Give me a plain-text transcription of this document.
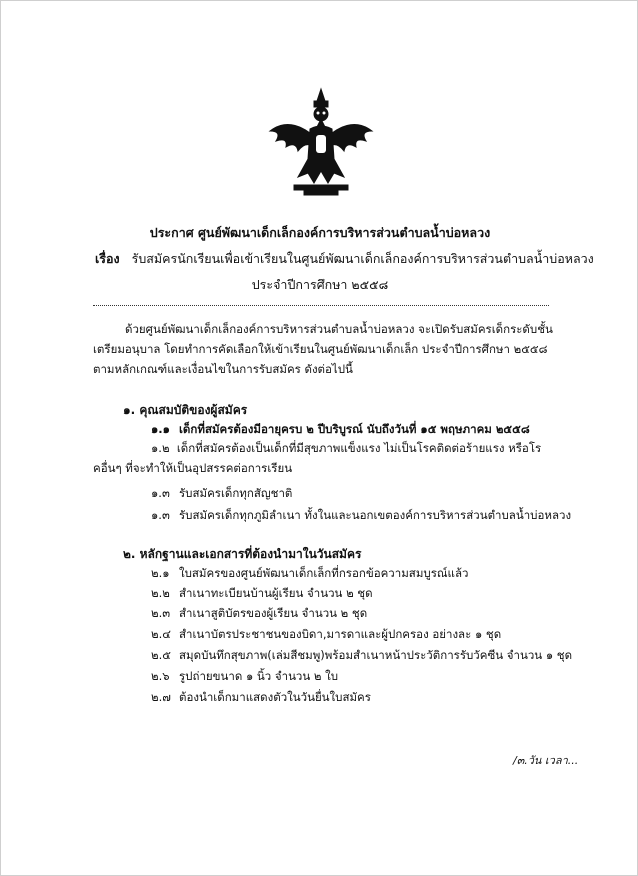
ประกาศ ศูนย์พัฒนาเด็กเล็กองค์การบริหารส่วนตำบลน้ำบ่อหลวง
เรื่อง รับสมัครนักเรียนเพื่อเข้าเรียนในศูนย์พัฒนาเด็กเล็กองค์การบริหารส่วนตำบลน้ำบ่อหลวง
ประจำปีการศึกษา ๒๕๕๘
ด้วยศูนย์พัฒนาเด็กเล็กองค์การบริหารส่วนตำบลน้ำบ่อหลวง จะเปิดรับสมัครเด็กระดับชั้นเตรียมอนุบาล โดยทำการคัดเลือกให้เข้าเรียนในศูนย์พัฒนาเด็กเล็ก ประจำปีการศึกษา ๒๕๕๘ ตามหลักเกณฑ์และเงื่อนไขในการรับสมัคร ดังต่อไปนี้
๑. คุณสมบัติของผู้สมัคร
๑.๑ เด็กที่สมัครต้องมีอายุครบ ๒ ปีบริบูรณ์ นับถึงวันที่ ๑๕ พฤษภาคม ๒๕๕๘
๑.๒ เด็กที่สมัครต้องเป็นเด็กที่มีสุขภาพแข็งแรง ไม่เป็นโรคติดต่อร้ายแรง หรือโรคอื่นๆ ที่จะทำให้เป็นอุปสรรคต่อการเรียน
๑.๓ รับสมัครเด็กทุกสัญชาติ
๑.๓ รับสมัครเด็กทุกภูมิลำเนา ทั้งในและนอกเขตองค์การบริหารส่วนตำบลน้ำบ่อหลวง
๒. หลักฐานและเอกสารที่ต้องนำมาในวันสมัคร
๒.๑ ใบสมัครของศูนย์พัฒนาเด็กเล็กที่กรอกข้อความสมบูรณ์แล้ว
๒.๒ สำเนาทะเบียนบ้านผู้เรียน จำนวน ๒ ชุด
๒.๓ สำเนาสูติบัตรของผู้เรียน จำนวน ๒ ชุด
๒.๔ สำเนาบัตรประชาชนของบิดา,มารดาและผู้ปกครอง อย่างละ ๑ ชุด
๒.๕ สมุดบันทึกสุขภาพ(เล่มสีชมพู)พร้อมสำเนาหน้าประวัติการรับวัคซีน จำนวน ๑ ชุด
๒.๖ รูปถ่ายขนาด ๑ นิ้ว จำนวน ๒ ใบ
๒.๗ ต้องนำเด็กมาแสดงตัวในวันยื่นใบสมัคร
/๓.วัน เวลา...
